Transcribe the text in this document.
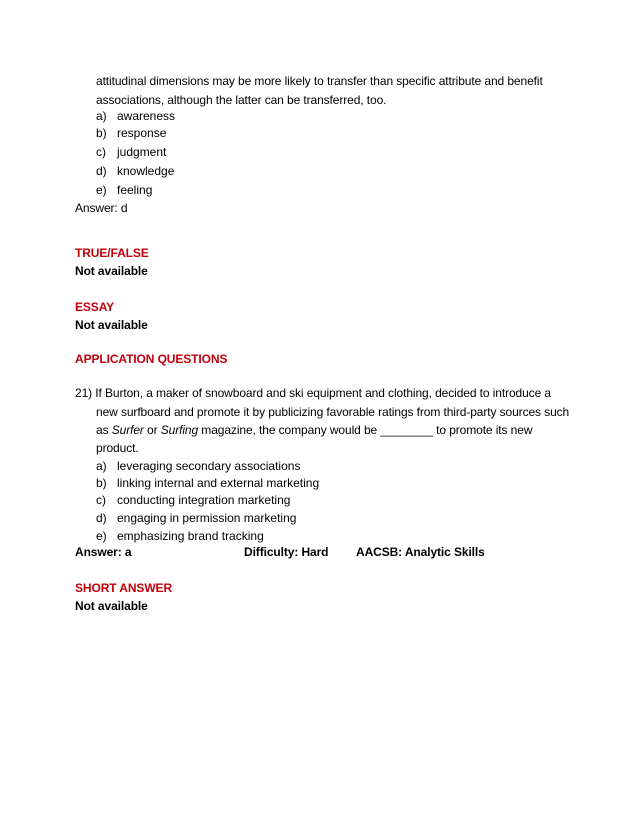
attitudinal dimensions may be more likely to transfer than specific attribute and benefit
associations, although the latter can be transferred, too.
a) awareness
b) response
c) judgment
d) knowledge
e) feeling
Answer: d
TRUE/FALSE
Not available
ESSAY
Not available
APPLICATION QUESTIONS
21) If Burton, a maker of snowboard and ski equipment and clothing, decided to introduce a
new surfboard and promote it by publicizing favorable ratings from third-party sources such
as Surfer or Surfing magazine, the company would be ________ to promote its new
product.
a) leveraging secondary associations
b) linking internal and external marketing
c) conducting integration marketing
d) engaging in permission marketing
e) emphasizing brand tracking
Answer: a	Difficulty: Hard AACSB: Analytic Skills
SHORT ANSWER
Not available
